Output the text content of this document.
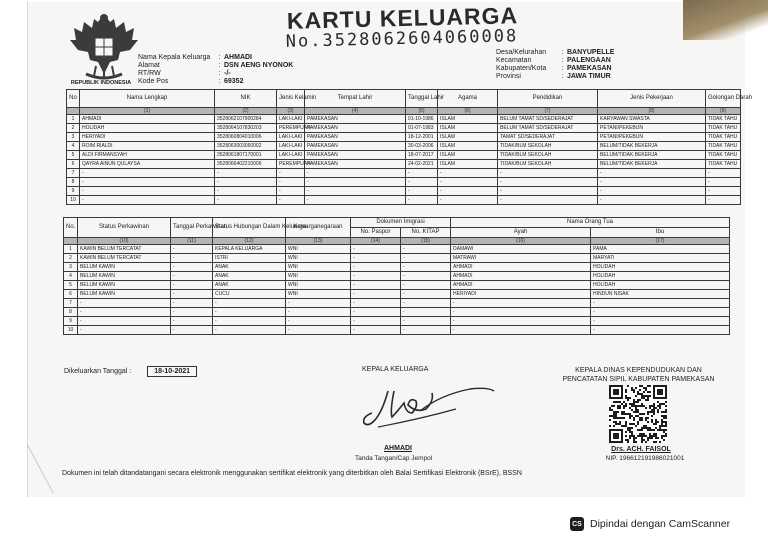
REPUBLIK INDONESIA
KARTU KELUARGA
No.3528062604060008
Nama Kepala Keluarga	: AHMADI
Alamat	: DSN AENG NYONOK
RT/RW	: -/-
Kode Pos	: 69352
Desa/Kelurahan	: BANYUPELLE
Kecamatan	: PALENGAAN
Kabupaten/Kota	: PAMEKASAN
Provinsi	: JAWA TIMUR
No	Nama Lengkap	NIK	Jenis Kelamin	Tempat Lahir	Tanggal Lahir	Agama	Pendidikan	Jenis Pekerjaan	Golongan Darah
	(1)	(2)	(3)	(4)	(5)	(6)	(7)	(8)	(9)
1	AHMADI	3528062107900284	LAKI-LAKI	PAMEKASAN	01-10-1986	ISLAM	BELUM TAMAT SD/SEDERAJAT	KARYAWAN SWASTA	TIDAK TAHU
2	HOLIDAH	3528064107830203	PEREMPUAN	PAMEKASAN	01-07-1983	ISLAM	BELUM TAMAT SD/SEDERAJAT	PETANI/PEKEBUN	TIDAK TAHU
3	HERIYADI	3528060804010006	LAKI-LAKI	PAMEKASAN	18-12-2001	ISLAM	TAMAT SD/SEDERAJAT	PETANI/PEKEBUN	TIDAK TAHU
4	ROIM RIALDI	3528063003060002	LAKI-LAKI	PAMEKASAN	30-03-2006	ISLAM	TIDAK/BLM SEKOLAH	BELUM/TIDAK BEKERJA	TIDAK TAHU
5	ALDI FIRMANSYAH	3528061807170001	LAKI-LAKI	PAMEKASAN	18-07-2017	ISLAM	TIDAK/BLM SEKOLAH	BELUM/TIDAK BEKERJA	TIDAK TAHU
6	QAYRA AINUN QULAYSA	3528066402210006	PEREMPUAN	PAMEKASAN	24-02-2021	ISLAM	TIDAK/BLM SEKOLAH	BELUM/TIDAK BEKERJA	TIDAK TAHU
7	-	-	-	-	-	-	-	-	-
8	-	-	-	-	-	-	-	-	-
9	-	-	-	-	-	-	-	-	-
10	-	-	-	-	-	-	-	-	-
No.	Status Perkawinan	Tanggal Perkawinan	Status Hubungan Dalam Keluarga	Kewarganegaraan	Dokumen Imigrasi		Nama Orang Tua	
					No. Paspor	No. KITAP	Ayah	Ibu
	(10)	(11)	(12)	(13)	(14)	(15)	(16)	(17)
1	KAWIN BELUM TERCATAT	-	KEPALA KELUARGA	WNI	-	-	DAMAWI	PAMA
2	KAWIN BELUM TERCATAT	-	ISTRI	WNI	-	-	MATRAWI	MARYATI
3	BELUM KAWIN	-	ANAK	WNI	-	-	AHMADI	HOLIDAH
4	BELUM KAWIN	-	ANAK	WNI	-	-	AHMADI	HOLIDAH
5	BELUM KAWIN	-	ANAK	WNI	-	-	AHMADI	HOLIDAH
6	BELUM KAWIN	-	CUCU	WNI	-	-	HERIYADI	HINDUN NISAK
7	-	-	-	-	-	-	-	-
8	-	-	-	-	-	-	-	-
9	-	-	-	-	-	-	-	-
10	-	-	-	-	-	-	-	-
Dikeluarkan Tanggal :	18-10-2021	KEPALA KELUARGA
AHMADI
Tanda Tangan/Cap Jempol
KEPALA DINAS KEPENDUDUKAN DAN
PENCATATAN SIPIL KABUPATEN PAMEKASAN
Drs. ACH. FAISOL
NIP. 196612191986021001
Dokumen ini telah ditandatangani secara elektronik menggunakan sertifikat elektronik yang diterbitkan oleh Balai Sertifikasi Elektronik (BSrE), BSSN
CS Dipindai dengan CamScanner
